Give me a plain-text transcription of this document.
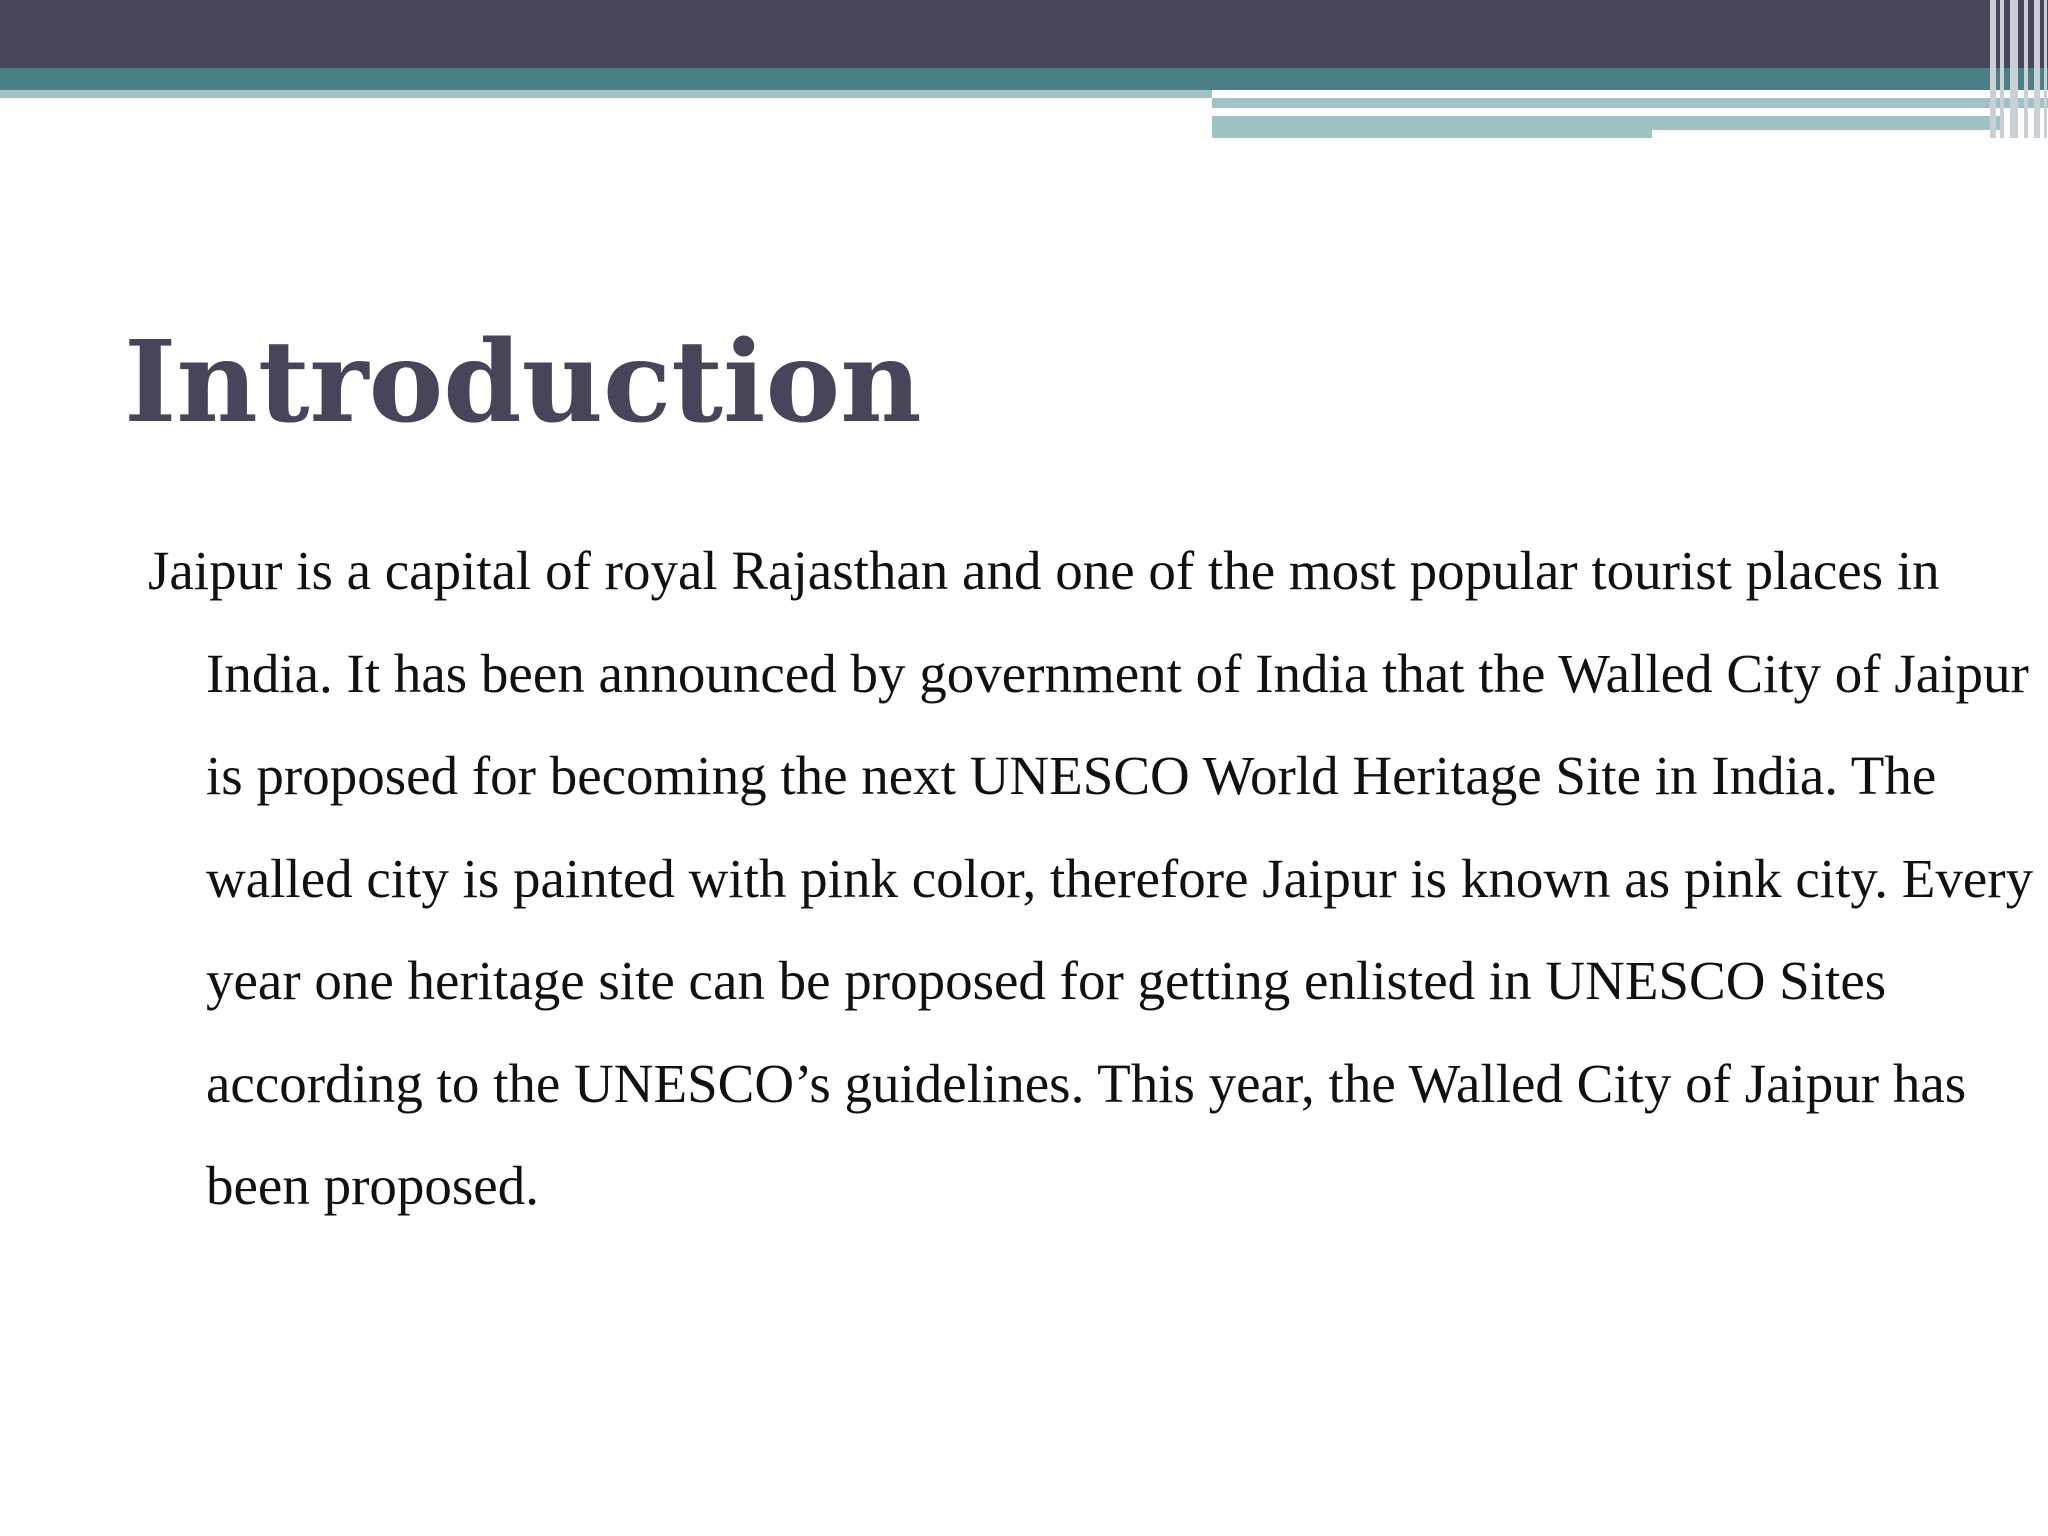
Introduction

Jaipur is a capital of royal Rajasthan and one of the most popular tourist places in India. It has been announced by government of India that the Walled City of Jaipur is proposed for becoming the next UNESCO World Heritage Site in India. The walled city is painted with pink color, therefore Jaipur is known as pink city. Every year one heritage site can be proposed for getting enlisted in UNESCO Sites according to the UNESCO’s guidelines. This year, the Walled City of Jaipur has been proposed.
